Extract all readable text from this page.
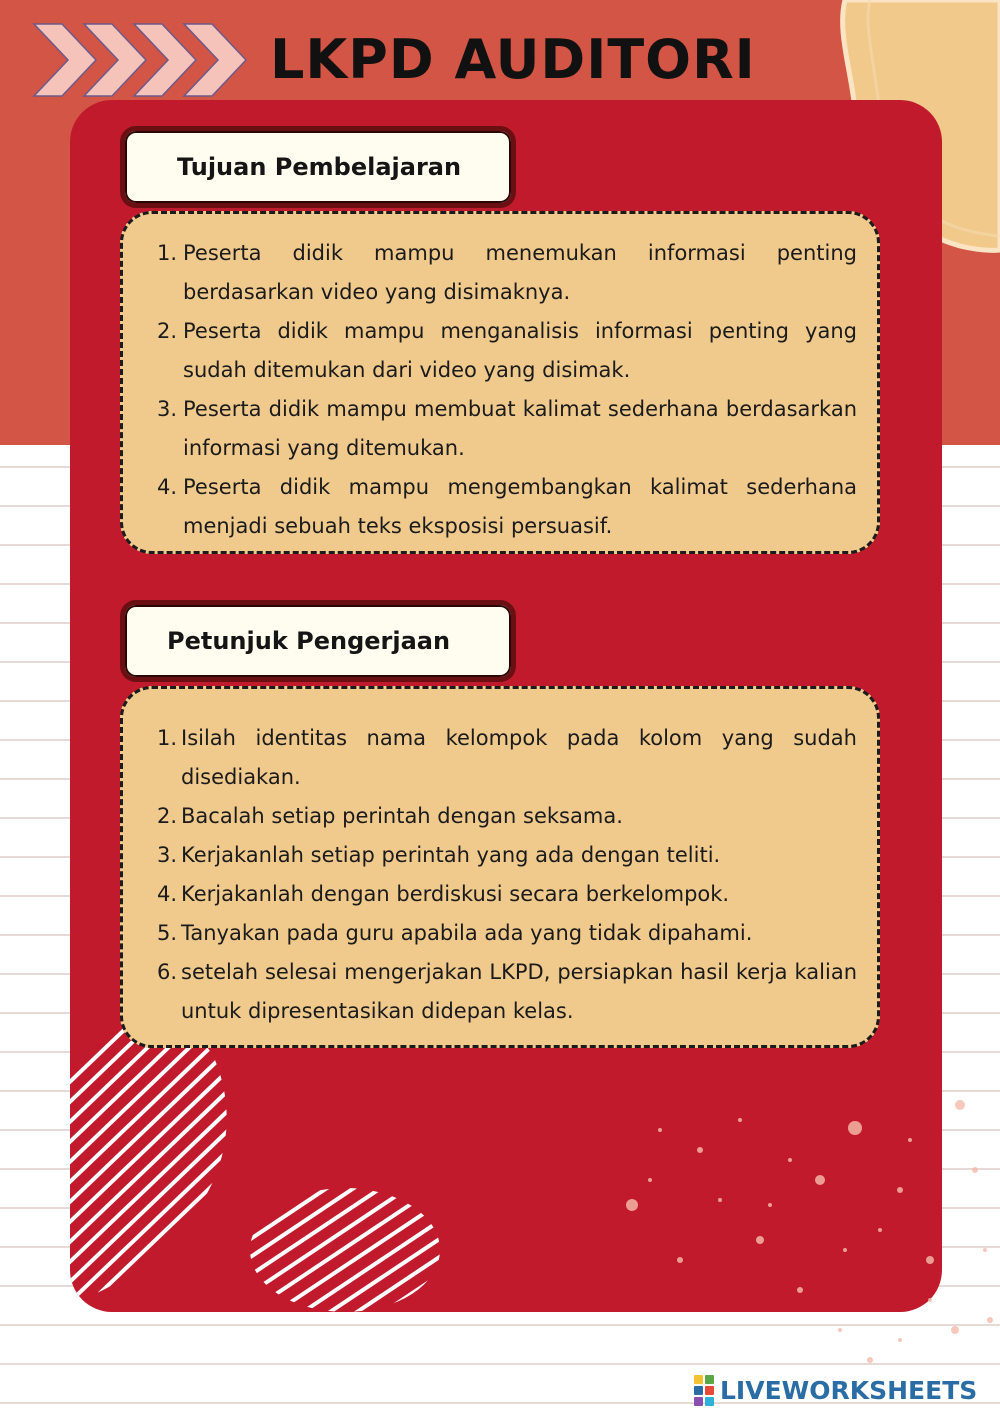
LKPD AUDITORI
Tujuan Pembelajaran
1. Peserta didik mampu menemukan informasi penting berdasarkan video yang disimaknya.
2. Peserta didik mampu menganalisis informasi penting yang sudah ditemukan dari video yang disimak.
3. Peserta didik mampu membuat kalimat sederhana berdasarkan informasi yang ditemukan.
4. Peserta didik mampu mengembangkan kalimat sederhana menjadi sebuah teks eksposisi persuasif.
Petunjuk Pengerjaan
1. Isilah identitas nama kelompok pada kolom yang sudah disediakan.
2. Bacalah setiap perintah dengan seksama.
3. Kerjakanlah setiap perintah yang ada dengan teliti.
4. Kerjakanlah dengan berdiskusi secara berkelompok.
5. Tanyakan pada guru apabila ada yang tidak dipahami.
6. setelah selesai mengerjakan LKPD, persiapkan hasil kerja kalian untuk dipresentasikan didepan kelas.
LIVEWORKSHEETS
